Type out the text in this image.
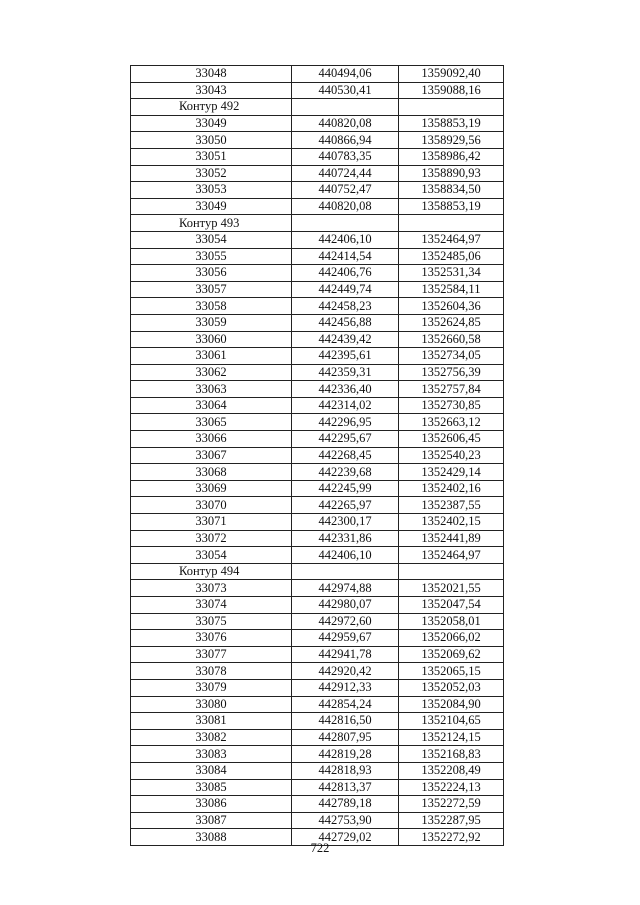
33048	440494,06	1359092,40
33043	440530,41	1359088,16
Контур 492		
33049	440820,08	1358853,19
33050	440866,94	1358929,56
33051	440783,35	1358986,42
33052	440724,44	1358890,93
33053	440752,47	1358834,50
33049	440820,08	1358853,19
Контур 493		
33054	442406,10	1352464,97
33055	442414,54	1352485,06
33056	442406,76	1352531,34
33057	442449,74	1352584,11
33058	442458,23	1352604,36
33059	442456,88	1352624,85
33060	442439,42	1352660,58
33061	442395,61	1352734,05
33062	442359,31	1352756,39
33063	442336,40	1352757,84
33064	442314,02	1352730,85
33065	442296,95	1352663,12
33066	442295,67	1352606,45
33067	442268,45	1352540,23
33068	442239,68	1352429,14
33069	442245,99	1352402,16
33070	442265,97	1352387,55
33071	442300,17	1352402,15
33072	442331,86	1352441,89
33054	442406,10	1352464,97
Контур 494		
33073	442974,88	1352021,55
33074	442980,07	1352047,54
33075	442972,60	1352058,01
33076	442959,67	1352066,02
33077	442941,78	1352069,62
33078	442920,42	1352065,15
33079	442912,33	1352052,03
33080	442854,24	1352084,90
33081	442816,50	1352104,65
33082	442807,95	1352124,15
33083	442819,28	1352168,83
33084	442818,93	1352208,49
33085	442813,37	1352224,13
33086	442789,18	1352272,59
33087	442753,90	1352287,95
33088	442729,02	1352272,92
722
